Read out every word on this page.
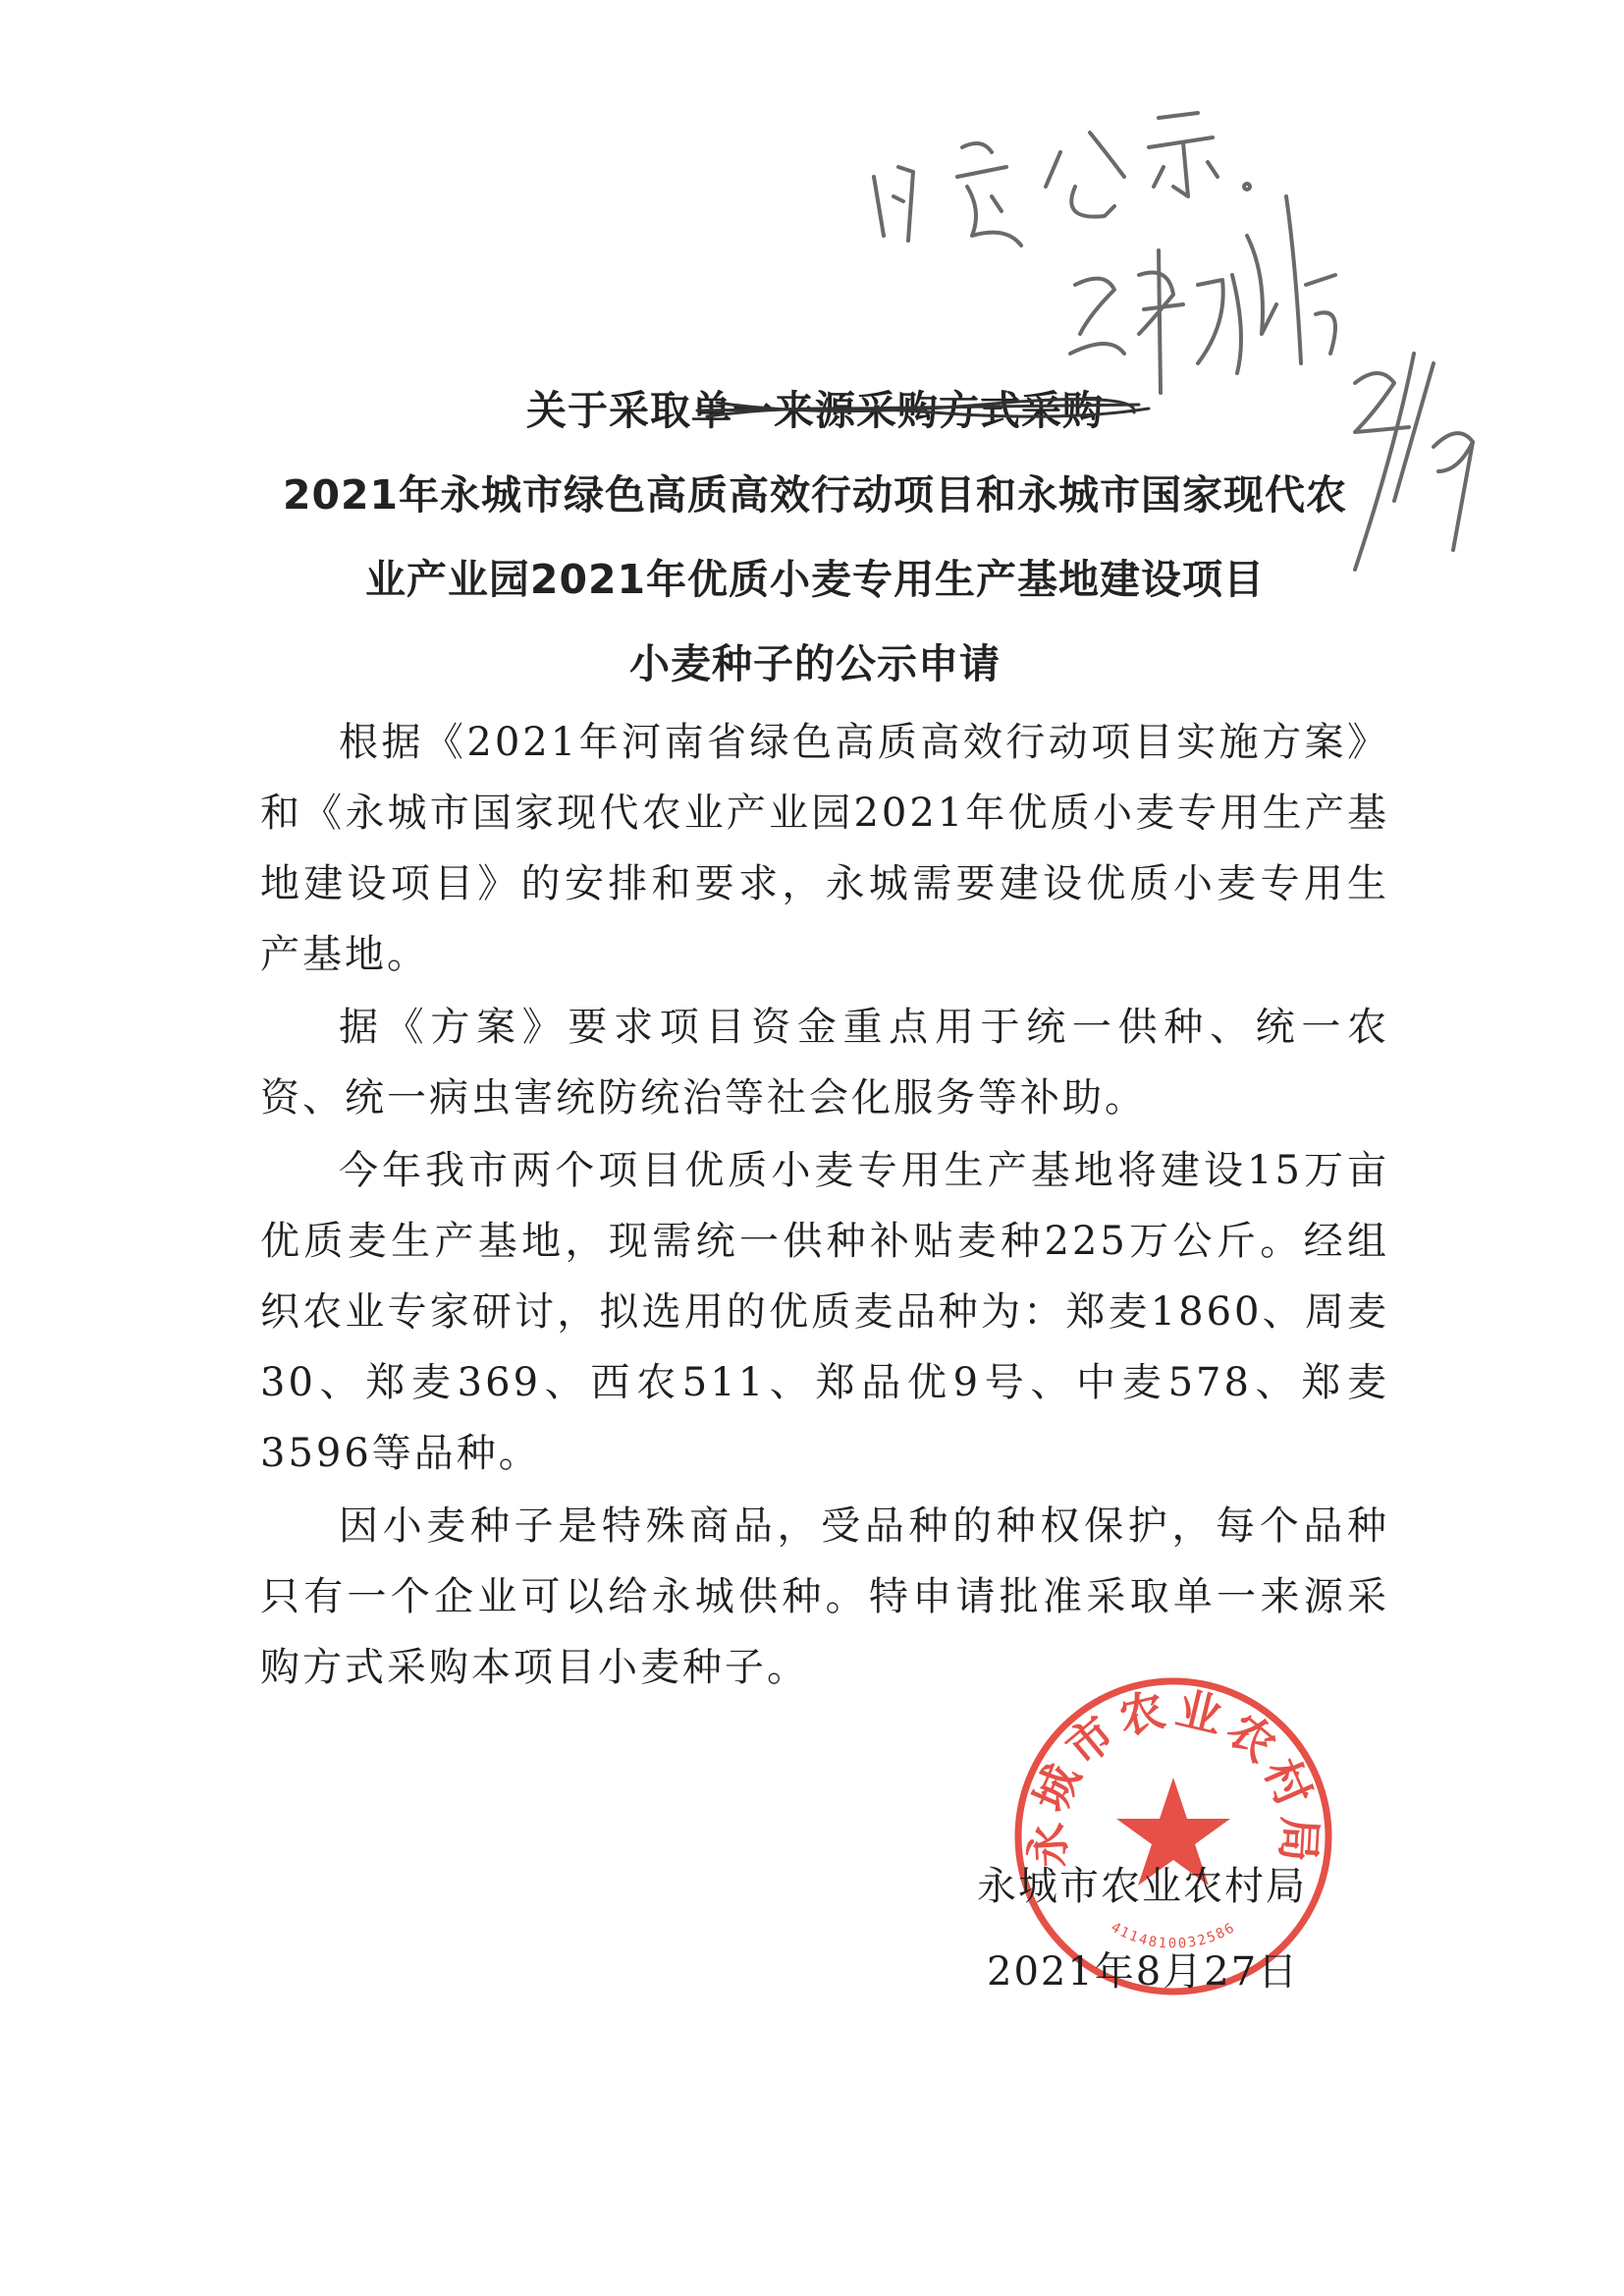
关于采取单一来源采购方式采购
2021年永城市绿色高质高效行动项目和永城市国家现代农
业产业园2021年优质小麦专用生产基地建设项目
小麦种子的公示申请

根据《2021年河南省绿色高质高效行动项目实施方案》和《永城市国家现代农业产业园2021年优质小麦专用生产基地建设项目》的安排和要求，永城需要建设优质小麦专用生产基地。

据《方案》要求项目资金重点用于统一供种、统一农资、统一病虫害统防统治等社会化服务等补助。

今年我市两个项目优质小麦专用生产基地将建设15万亩优质麦生产基地，现需统一供种补贴麦种225万公斤。经组织农业专家研讨，拟选用的优质麦品种为：郑麦1860、周麦30、郑麦369、西农511、郑品优9号、中麦578、郑麦3596等品种。

因小麦种子是特殊商品，受品种的种权保护，每个品种只有一个企业可以给永城供种。特申请批准采取单一来源采购方式采购本项目小麦种子。

永城市农业农村局
4114810032586
永城市农业农村局
2021年8月27日
